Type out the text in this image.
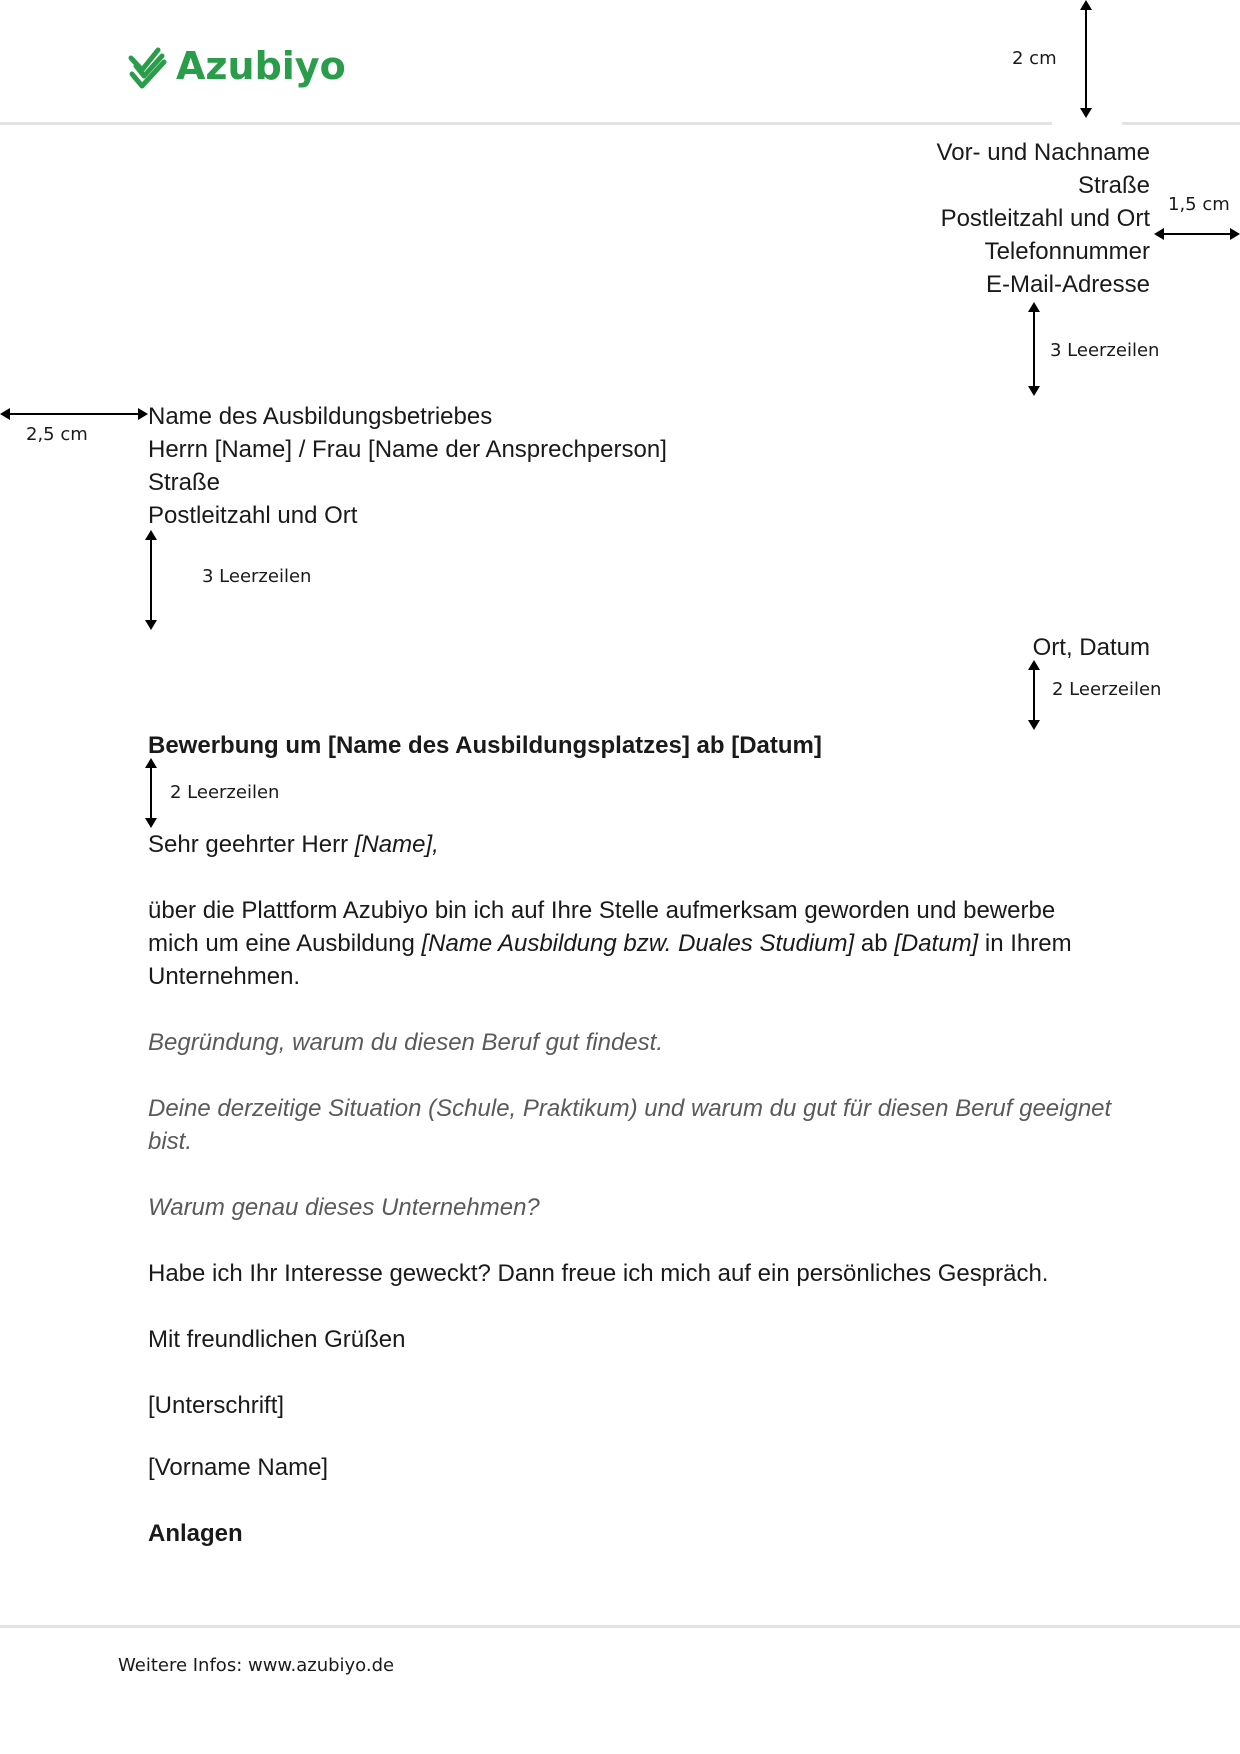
Azubiyo	2 cm
Vor- und Nachname
Straße
Postleitzahl und Ort
Telefonnummer
E-Mail-Adresse
1,5 cm
3 Leerzeilen
2,5 cm
Name des Ausbildungsbetriebes
Herrn [Name] / Frau [Name der Ansprechperson]
Straße
Postleitzahl und Ort
3 Leerzeilen
Ort, Datum
2 Leerzeilen
Bewerbung um [Name des Ausbildungsplatzes] ab [Datum]
2 Leerzeilen
Sehr geehrter Herr [Name],
über die Plattform Azubiyo bin ich auf Ihre Stelle aufmerksam geworden und bewerbe
mich um eine Ausbildung [Name Ausbildung bzw. Duales Studium] ab [Datum] in Ihrem
Unternehmen.
Begründung, warum du diesen Beruf gut findest.
Deine derzeitige Situation (Schule, Praktikum) und warum du gut für diesen Beruf geeignet
bist.
Warum genau dieses Unternehmen?
Habe ich Ihr Interesse geweckt? Dann freue ich mich auf ein persönliches Gespräch.
Mit freundlichen Grüßen
[Unterschrift]
[Vorname Name]
Anlagen
Weitere Infos: www.azubiyo.de
